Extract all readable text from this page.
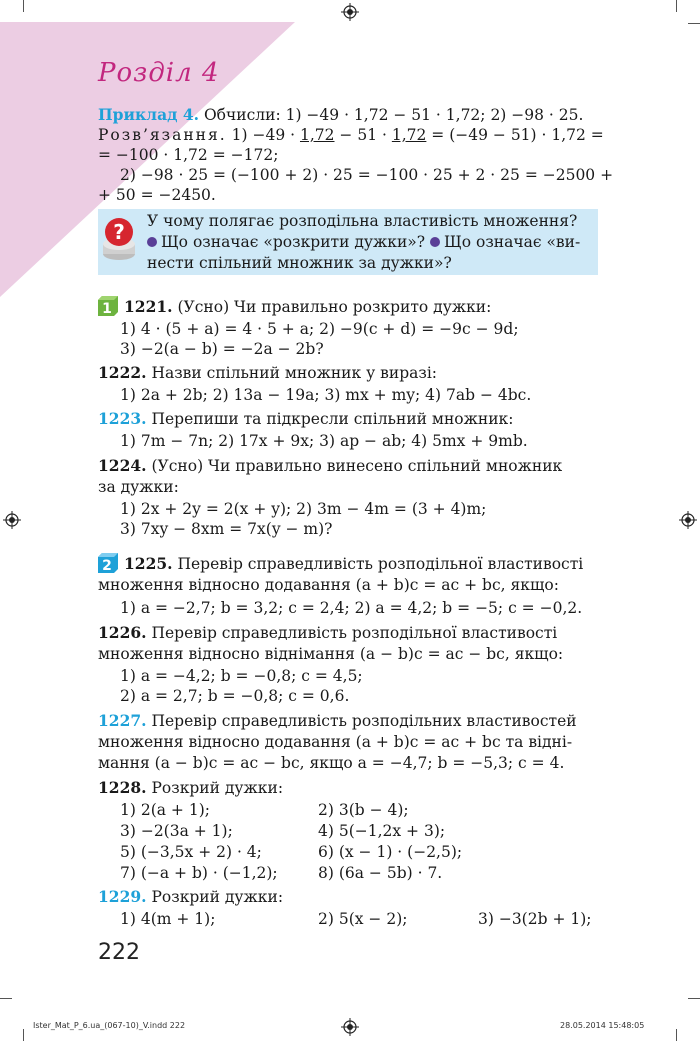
Розділ 4
Приклад 4. Обчисли: 1) −49 · 1,72 − 51 · 1,72; 2) −98 · 25.
Розв’язання. 1) −49 · 1,72 − 51 · 1,72 = (−49 − 51) · 1,72 =
= −100 · 1,72 = −172;
2) −98 · 25 = (−100 + 2) · 25 = −100 · 25 + 2 · 25 = −2500 +
+ 50 = −2450.
? У чому полягає розподільна властивість множення?
Що означає «розкрити дужки»? Що означає «ви-
нести спільний множник за дужки»?
1 1221. (Усно) Чи правильно розкрито дужки:
1) 4 · (5 + a) = 4 · 5 + a; 2) −9(c + d) = −9c − 9d;
3) −2(a − b) = −2a − 2b?
1222. Назви спільний множник у виразі:
1) 2a + 2b; 2) 13a − 19a; 3) mx + my; 4) 7ab − 4bc.
1223. Перепиши та підкресли спільний множник:
1) 7m − 7n; 2) 17x + 9x; 3) ap − ab; 4) 5mx + 9mb.
1224. (Усно) Чи правильно винесено спільний множник
за дужки:
1) 2x + 2y = 2(x + y); 2) 3m − 4m = (3 + 4)m;
3) 7xy − 8xm = 7x(y − m)?
2 1225. Перевір справедливість розподільної властивості
множення відносно додавання (a + b)c = ac + bc, якщо:
1) a = −2,7; b = 3,2; c = 2,4; 2) a = 4,2; b = −5; c = −0,2.
1226. Перевір справедливість розподільної властивості
множення відносно віднімання (a − b)c = ac − bc, якщо:
1) a = −4,2; b = −0,8; c = 4,5;
2) a = 2,7; b = −0,8; c = 0,6.
1227. Перевір справедливість розподільних властивостей
множення відносно додавання (a + b)c = ac + bc та відні-
мання (a − b)c = ac − bc, якщо a = −4,7; b = −5,3; c = 4.
1228. Розкрий дужки:
1) 2(a + 1);	2) 3(b − 4);
3) −2(3a + 1);	4) 5(−1,2x + 3);
5) (−3,5x + 2) · 4;	6) (x − 1) · (−2,5);
7) (−a + b) · (−1,2);	8) (6a − 5b) · 7.
1229. Розкрий дужки:
1) 4(m + 1);	2) 5(x − 2);	3) −3(2b + 1);
222
Ister_Mat_P_6.ua_(067-10)_V.indd 222	28.05.2014 15:48:05
